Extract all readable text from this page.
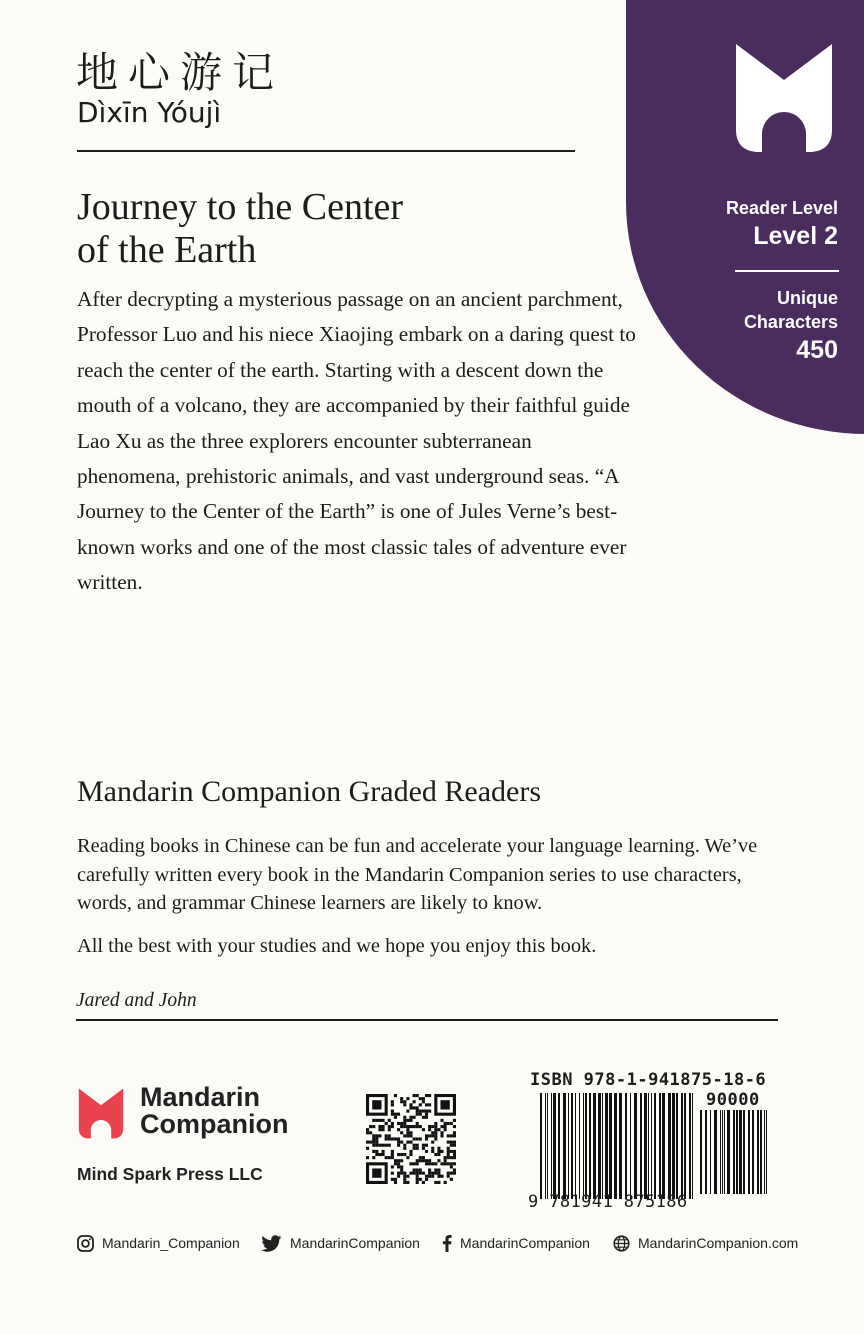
Reader Level
Level 2
Unique
Characters
450
地心游记
Dìxīn Yóujì
Journey to the Center
of the Earth

After decrypting a mysterious passage on an ancient parchment, Professor Luo and his niece Xiaojing embark on a daring quest to reach the center of the earth. Starting with a descent down the mouth of a volcano, they are accompanied by their faithful guide Lao Xu as the three explorers encounter subterranean phenomena, prehistoric animals, and vast underground seas. “A Journey to the Center of the Earth” is one of Jules Verne’s best-known works and one of the most classic tales of adventure ever written.

Mandarin Companion Graded Readers

Reading books in Chinese can be fun and accelerate your language learning. We’ve carefully written every book in the Mandarin Companion series to use characters, words, and grammar Chinese learners are likely to know.

All the best with your studies and we hope you enjoy this book.

Jared and John
Mandarin
Companion
Mind Spark Press LLC
ISBN 978-1-941875-18-6
90000
9 781941 875186
Mandarin_Companion	MandarinCompanion	MandarinCompanion	MandarinCompanion.com
